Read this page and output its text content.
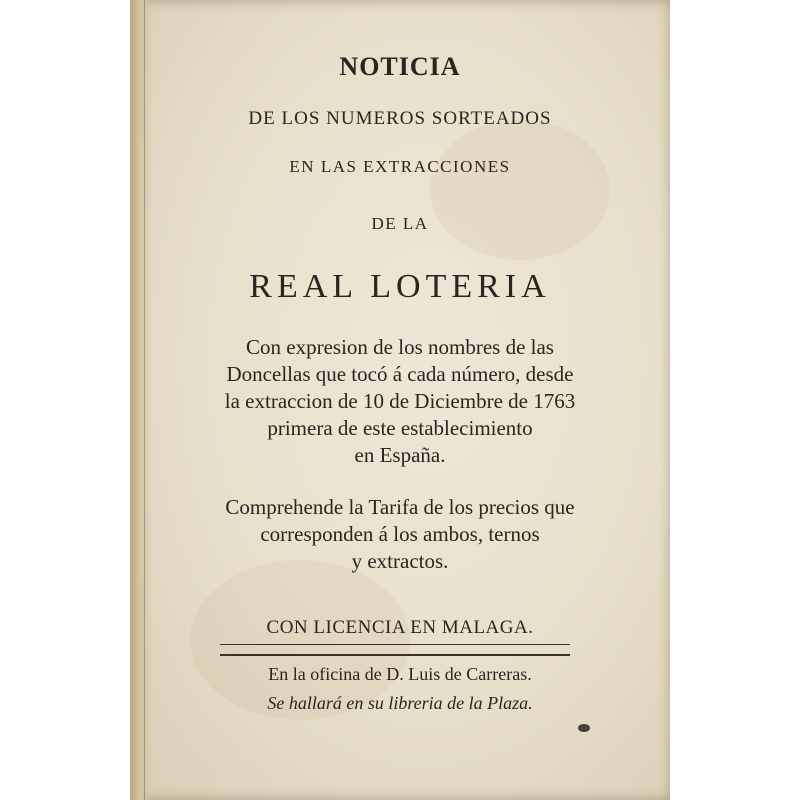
NOTICIA
DE LOS NUMEROS SORTEADOS
EN LAS EXTRACCIONES
DE LA
REAL LOTERIA
Con expresion de los nombres de las
Doncellas que tocó á cada número, desde
la extraccion de 10 de Diciembre de 1763
primera de este establecimiento
en España.
Comprehende la Tarifa de los precios que
corresponden á los ambos, ternos
y extractos.
CON LICENCIA EN MALAGA.
En la oficina de D. Luis de Carreras.
Se hallará en su libreria de la Plaza.
